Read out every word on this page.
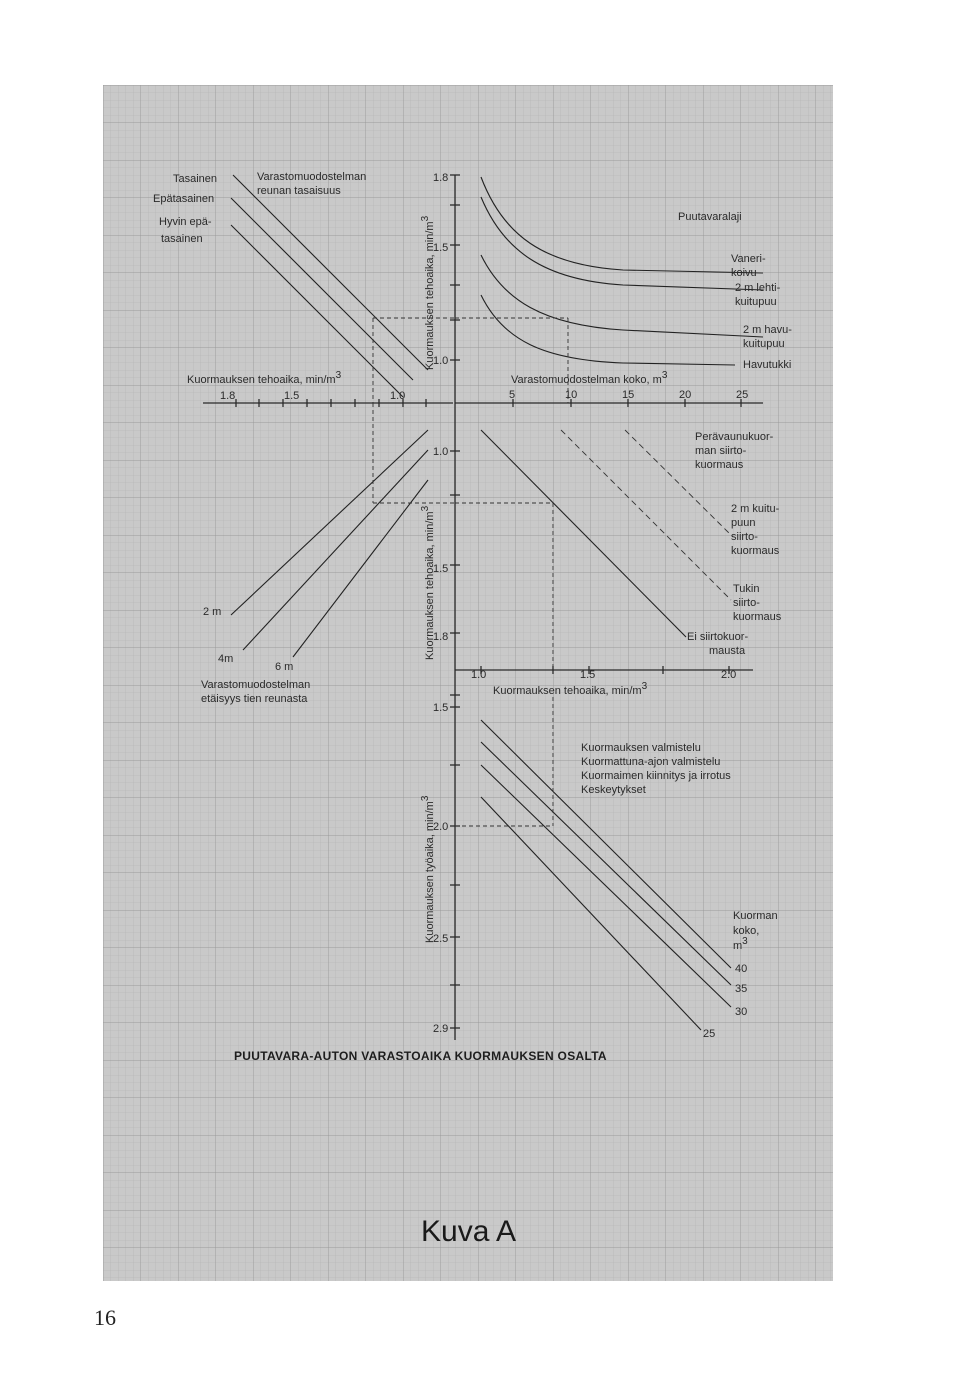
Tasainen
Epätasainen
Hyvin epä-
tasainen
Varastomuodostelman
reunan tasaisuus
Kuormauksen tehoaika, min/m3
1.8	1.5	1.0
Kuormauksen tehoaika, min/m3
1.8
1.5
1.0
Kuormauksen tehoaika, min/m3
1.0
1.5
1.8
Kuormauksen työaika, min/m3
1.5
2.0
2.5
2.9
Puutavaralaji
Vaneri-
koivu
2 m lehti-
kuitupuu
2 m havu-
kuitupuu
Havutukki
Varastomuodostelman koko, m3
5	10	15	20	25
2 m
4m
6 m
Varastomuodostelman
etäisyys tien reunasta
Perävaunukuor-
man siirto-
kuormaus
2 m kuitu-
puun
siirto-
kuormaus
Tukin
siirto-
kuormaus
Ei siirtokuor-
mausta
1.0	1.5	2.0
Kuormauksen tehoaika, min/m3
Kuormauksen valmistelu
Kuormattuna-ajon valmistelu
Kuormaimen kiinnitys ja irrotus
Keskeytykset
Kuorman
koko,
m3
40
35
30
25
PUUTAVARA-AUTON VARASTOAIKA KUORMAUKSEN OSALTA
Kuva A
16
